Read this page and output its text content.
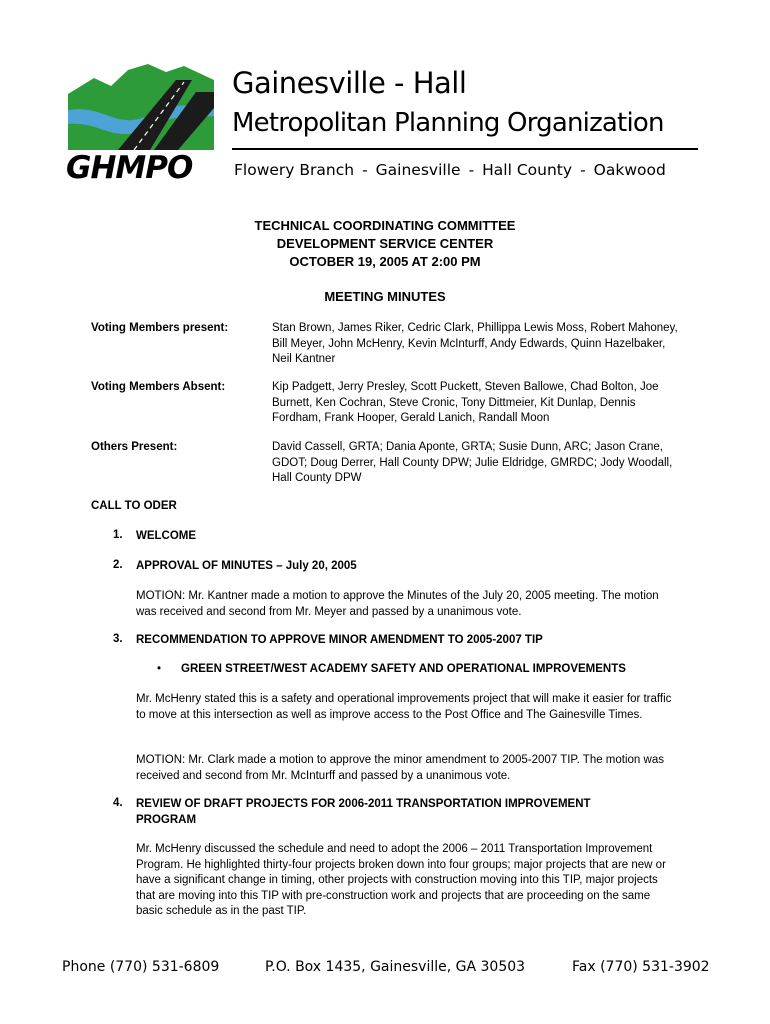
Gainesville - Hall
Metropolitan Planning Organization
GHMPO	Flowery Branch - Gainesville - Hall County - Oakwood
TECHNICAL COORDINATING COMMITTEE
DEVELOPMENT SERVICE CENTER
OCTOBER 19, 2005 AT 2:00 PM
MEETING MINUTES
Voting Members present:	Stan Brown, James Riker, Cedric Clark, Phillippa Lewis Moss, Robert Mahoney, Bill Meyer, John McHenry, Kevin McInturff, Andy Edwards, Quinn Hazelbaker, Neil Kantner
Voting Members Absent:	Kip Padgett, Jerry Presley, Scott Puckett, Steven Ballowe, Chad Bolton, Joe Burnett, Ken Cochran, Steve Cronic, Tony Dittmeier, Kit Dunlap, Dennis Fordham, Frank Hooper, Gerald Lanich, Randall Moon
Others Present:	David Cassell, GRTA; Dania Aponte, GRTA; Susie Dunn, ARC; Jason Crane, GDOT; Doug Derrer, Hall County DPW; Julie Eldridge, GMRDC; Jody Woodall, Hall County DPW
CALL TO ODER
1. WELCOME
2. APPROVAL OF MINUTES – July 20, 2005
MOTION: Mr. Kantner made a motion to approve the Minutes of the July 20, 2005 meeting. The motion was received and second from Mr. Meyer and passed by a unanimous vote.
3. RECOMMENDATION TO APPROVE MINOR AMENDMENT TO 2005-2007 TIP
• GREEN STREET/WEST ACADEMY SAFETY AND OPERATIONAL IMPROVEMENTS
Mr. McHenry stated this is a safety and operational improvements project that will make it easier for traffic to move at this intersection as well as improve access to the Post Office and The Gainesville Times.
MOTION: Mr. Clark made a motion to approve the minor amendment to 2005-2007 TIP. The motion was received and second from Mr. McInturff and passed by a unanimous vote.
4. REVIEW OF DRAFT PROJECTS FOR 2006-2011 TRANSPORTATION IMPROVEMENT PROGRAM
Mr. McHenry discussed the schedule and need to adopt the 2006 – 2011 Transportation Improvement Program. He highlighted thirty-four projects broken down into four groups; major projects that are new or have a significant change in timing, other projects with construction moving into this TIP, major projects that are moving into this TIP with pre-construction work and projects that are proceeding on the same basic schedule as in the past TIP.
Phone (770) 531-6809	P.O. Box 1435, Gainesville, GA 30503	Fax (770) 531-3902
